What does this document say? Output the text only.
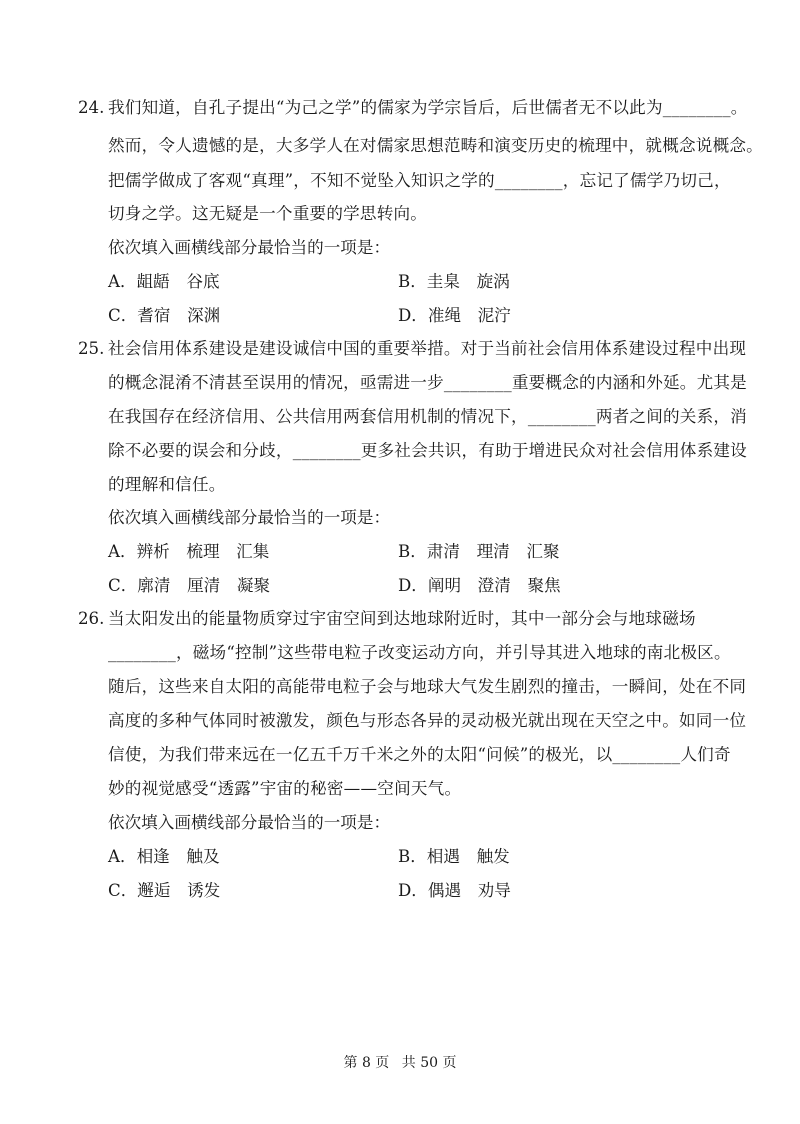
24. 我们知道，自孔子提出“为己之学”的儒家为学宗旨后，后世儒者无不以此为________。
然而，令人遗憾的是，大多学人在对儒家思想范畴和演变历史的梳理中，就概念说概念。
把儒学做成了客观“真理”，不知不觉坠入知识之学的________，忘记了儒学乃切己，
切身之学。这无疑是一个重要的学思转向。
依次填入画横线部分最恰当的一项是：
A．龃龉　谷底	B．圭臬　旋涡
C．耆宿　深渊	D．准绳　泥泞
25. 社会信用体系建设是建设诚信中国的重要举措。对于当前社会信用体系建设过程中出现
的概念混淆不清甚至误用的情况，亟需进一步________重要概念的内涵和外延。尤其是
在我国存在经济信用、公共信用两套信用机制的情况下，________两者之间的关系，消
除不必要的误会和分歧，________更多社会共识，有助于增进民众对社会信用体系建设
的理解和信任。
依次填入画横线部分最恰当的一项是：
A．辨析　梳理　汇集	B．肃清　理清　汇聚
C．廓清　厘清　凝聚	D．阐明　澄清　聚焦
26. 当太阳发出的能量物质穿过宇宙空间到达地球附近时，其中一部分会与地球磁场
________，磁场“控制”这些带电粒子改变运动方向，并引导其进入地球的南北极区。
随后，这些来自太阳的高能带电粒子会与地球大气发生剧烈的撞击，一瞬间，处在不同
高度的多种气体同时被激发，颜色与形态各异的灵动极光就出现在天空之中。如同一位
信使，为我们带来远在一亿五千万千米之外的太阳“问候”的极光，以________人们奇
妙的视觉感受“透露”宇宙的秘密——空间天气。
依次填入画横线部分最恰当的一项是：
A．相逢　触及	B．相遇　触发
C．邂逅　诱发	D．偶遇　劝导
第 8 页 共 50 页
